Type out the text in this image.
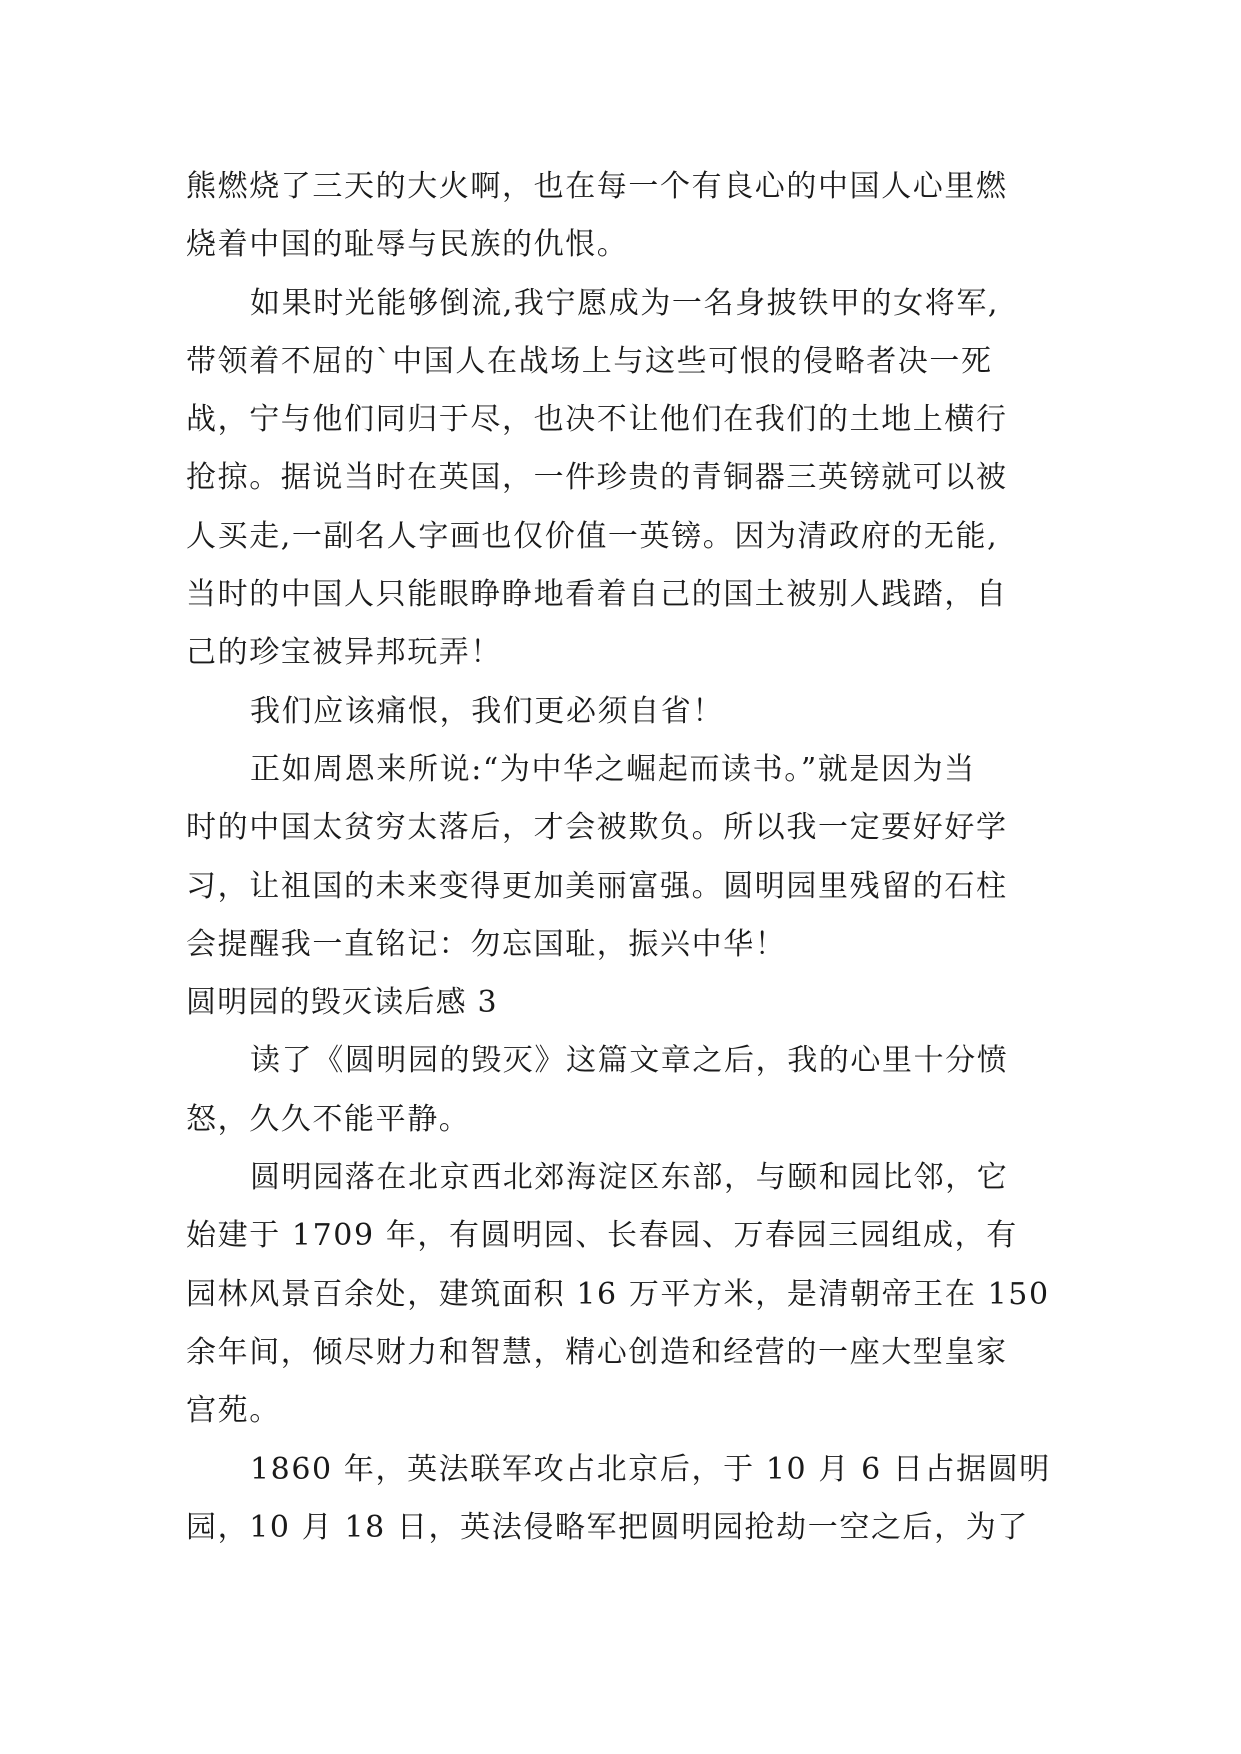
熊燃烧了三天的大火啊，也在每一个有良心的中国人心里燃
烧着中国的耻辱与民族的仇恨。
如果时光能够倒流,我宁愿成为一名身披铁甲的女将军,
带领着不屈的`中国人在战场上与这些可恨的侵略者决一死
战，宁与他们同归于尽，也决不让他们在我们的土地上横行
抢掠。据说当时在英国，一件珍贵的青铜器三英镑就可以被
人买走,一副名人字画也仅价值一英镑。因为清政府的无能,
当时的中国人只能眼睁睁地看着自己的国土被别人践踏，自
己的珍宝被异邦玩弄！
我们应该痛恨，我们更必须自省！
正如周恩来所说:“为中华之崛起而读书。”就是因为当
时的中国太贫穷太落后，才会被欺负。所以我一定要好好学
习，让祖国的未来变得更加美丽富强。圆明园里残留的石柱
会提醒我一直铭记：勿忘国耻，振兴中华！
圆明园的毁灭读后感 3
读了《圆明园的毁灭》这篇文章之后，我的心里十分愤
怒，久久不能平静。
圆明园落在北京西北郊海淀区东部，与颐和园比邻，它
始建于 1709 年，有圆明园、长春园、万春园三园组成，有
园林风景百余处，建筑面积 16 万平方米，是清朝帝王在 150
余年间，倾尽财力和智慧，精心创造和经营的一座大型皇家
宫苑。
1860 年，英法联军攻占北京后，于 10 月 6 日占据圆明
园，10 月 18 日，英法侵略军把圆明园抢劫一空之后，为了
